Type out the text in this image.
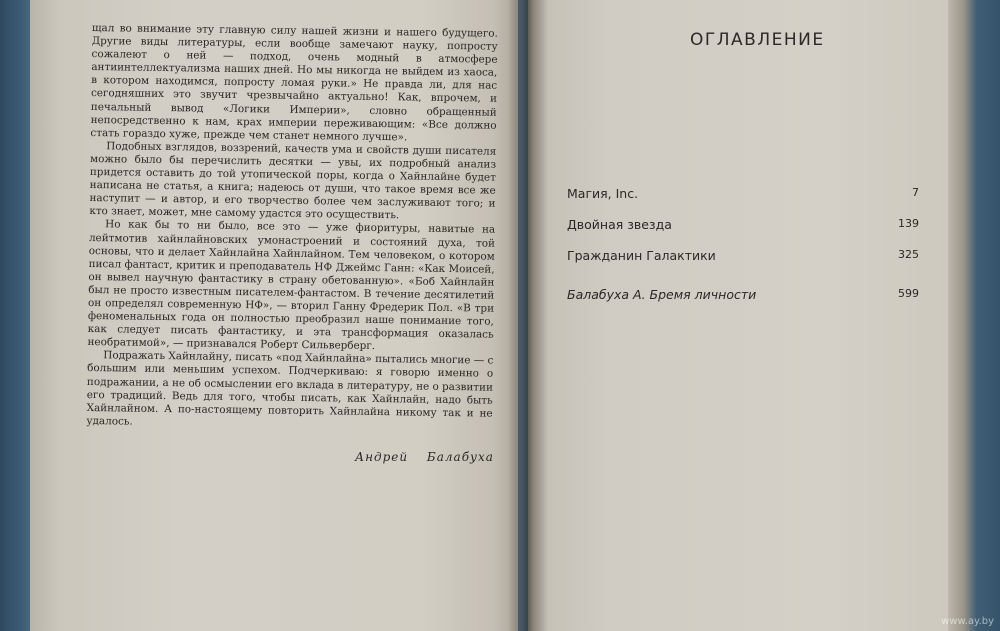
щал во внимание эту главную силу нашей жизни и нашего будущего. Другие виды литературы, если вообще замечают науку, попросту сожалеют о ней — подход, очень модный в атмосфере антиинтеллектуализма наших дней. Но мы никогда не выйдем из хаоса, в котором находимся, попросту ломая руки.» Не правда ли, для нас сегодняшних это звучит чрезвычайно актуально! Как, впрочем, и печальный вывод «Логики Империи», словно обращенный непосредственно к нам, крах империи переживающим: «Все должно стать гораздо хуже, прежде чем станет немного лучше».

Подобных взглядов, воззрений, качеств ума и свойств души писателя можно было бы перечислить десятки — увы, их подробный анализ придется оставить до той утопической поры, когда о Хайнлайне будет написана не статья, а книга; надеюсь от души, что такое время все же наступит — и автор, и его творчество более чем заслуживают того; и кто знает, может, мне самому удастся это осуществить.

Но как бы то ни было, все это — уже фиоритуры, навитые на лейтмотив хайнлайновских умонастроений и состояний духа, той основы, что и делает Хайнлайна Хайнлайном. Тем человеком, о котором писал фантаст, критик и преподаватель НФ Джеймс Ганн: «Как Моисей, он вывел научную фантастику в страну обетованную». «Боб Хайнлайн был не просто известным писателем-фантастом. В течение десятилетий он определял современную НФ», — вторил Ганну Фредерик Пол. «В три феноменальных года он полностью преобразил наше понимание того, как следует писать фантастику, и эта трансформация оказалась необратимой», — признавался Роберт Сильверберг.

Подражать Хайнлайну, писать «под Хайнлайна» пытались многие — с большим или меньшим успехом. Подчеркиваю: я говорю именно о подражании, а не об осмыслении его вклада в литературу, не о развитии его традиций. Ведь для того, чтобы писать, как Хайнлайн, надо быть Хайнлайном. А по-настоящему повторить Хайнлайна никому так и не удалось.

Андрей Балабуха
ОГЛАВЛЕНИЕ
Магия, Inc.	7
Двойная звезда	139
Гражданин Галактики	325
Балабуха А. Бремя личности	599
www.ay.by
